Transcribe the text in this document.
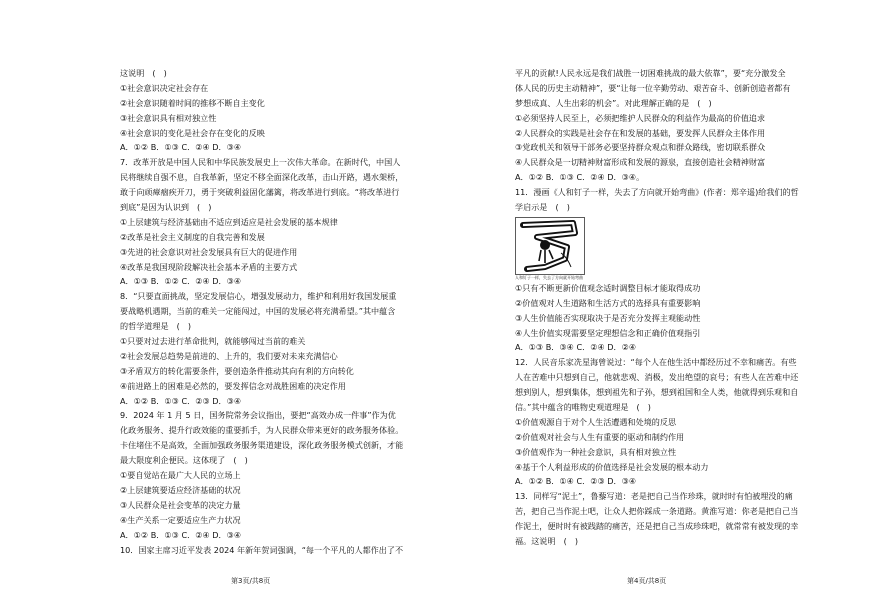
这说明　(　)
①社会意识决定社会存在
②社会意识随着时间的推移不断自主变化
③社会意识具有相对独立性
④社会意识的变化是社会存在变化的反映
A．①② B．①③ C．②④ D．③④
7．改革开放是中国人民和中华民族发展史上一次伟大革命。在新时代，中国人
民将继续自强不息，自我革新，坚定不移全面深化改革，击山开路，遇水架桥，
敢于向顽瘴痼疾开刀，勇于突破利益固化藩篱，将改革进行到底。“将改革进行
到底”是因为认识到　(　)
①上层建筑与经济基础由不适应到适应是社会发展的基本规律
②改革是社会主义制度的自我完善和发展
③先进的社会意识对社会发展具有巨大的促进作用
④改革是我国现阶段解决社会基本矛盾的主要方式
A．①③ B．①② C．②④ D．③④
8．“只要直面挑战，坚定发展信心，增强发展动力，维护和利用好我国发展重
要战略机遇期，当前的难关一定能闯过，中国的发展必将充满希望。”其中蕴含
的哲学道理是　(　)
①只要对过去进行革命批判，就能够闯过当前的难关
②社会发展总趋势是前进的、上升的，我们要对未来充满信心
③矛盾双方的转化需要条件，要创造条件推动其向有利的方向转化
④前进路上的困难是必然的，要发挥信念对战胜困难的决定作用
A．①② B．①③ C．②③ D．③④
9．2024 年 1 月 5 日，国务院常务会议指出，要把“高效办成一件事”作为优
化政务服务、提升行政效能的重要抓手，为人民群众带来更好的政务服务体验。
卡住堵住不是高效，全面加强政务服务渠道建设，深化政务服务模式创新，才能
最大限度利企便民。这体现了　(　)
①要自觉站在最广大人民的立场上
②上层建筑要适应经济基础的状况
③人民群众是社会变革的决定力量
④生产关系一定要适应生产力状况
A．①② B．①③ C．②④ D．③④
10．国家主席习近平发表 2024 年新年贺词强调，“每一个平凡的人都作出了不
平凡的贡献!人民永远是我们战胜一切困难挑战的最大依靠”，要“充分激发全
体人民的历史主动精神”，要“让每一位辛勤劳动、艰苦奋斗、创新创造者都有
梦想成真、人生出彩的机会”。对此理解正确的是　(　)
①必须坚持人民至上，必须把维护人民群众的利益作为最高的价值追求
②人民群众的实践是社会存在和发展的基础，要发挥人民群众主体作用
③党政机关和领导干部务必要坚持群众观点和群众路线，密切联系群众
④人民群众是一切精神财富形成和发展的源泉，直接创造社会精神财富
A．①② B．①③ C．②④ D．③④。
11．漫画《人和钉子一样，失去了方向就开始弯曲》(作者：郑辛遥)给我们的哲
学启示是　(　)
人和钉子一样，失去了方向就开始弯曲
①只有不断更新价值观念适时调整目标才能取得成功
②价值观对人生道路和生活方式的选择具有重要影响
③人生价值能否实现取决于是否充分发挥主观能动性
④人生价值实现需要坚定理想信念和正确价值观指引
A．①③ B．③④ C．②④ D．②④
12．人民音乐家冼星海曾说过：“每个人在他生活中都经历过不幸和痛苦。有些
人在苦难中只想到自己，他就悲观、消极，发出绝望的哀号；有些人在苦难中还
想到别人，想到集体，想到祖先和子孙，想到祖国和全人类，他就得到乐观和自
信。”其中蕴含的唯物史观道理是　(　)
①价值观源自于对个人生活遭遇和处境的反思
②价值观对社会与人生有重要的驱动和制约作用
③价值观作为一种社会意识，具有相对独立性
④基于个人利益形成的价值选择是社会发展的根本动力
A．①② B．①④ C．②③ D．③④
13．同样写“泥土”，鲁藜写道：老是把自己当作珍珠，就时时有怕被埋没的痛
苦，把自己当作泥土吧，让众人把你踩成一条道路。黄淮写道：你老是把自己当
作泥土，便时时有被践踏的痛苦，还是把自己当成珍珠吧，就常常有被发现的幸
福。这说明　(　)
第3页/共8页	第4页/共8页
